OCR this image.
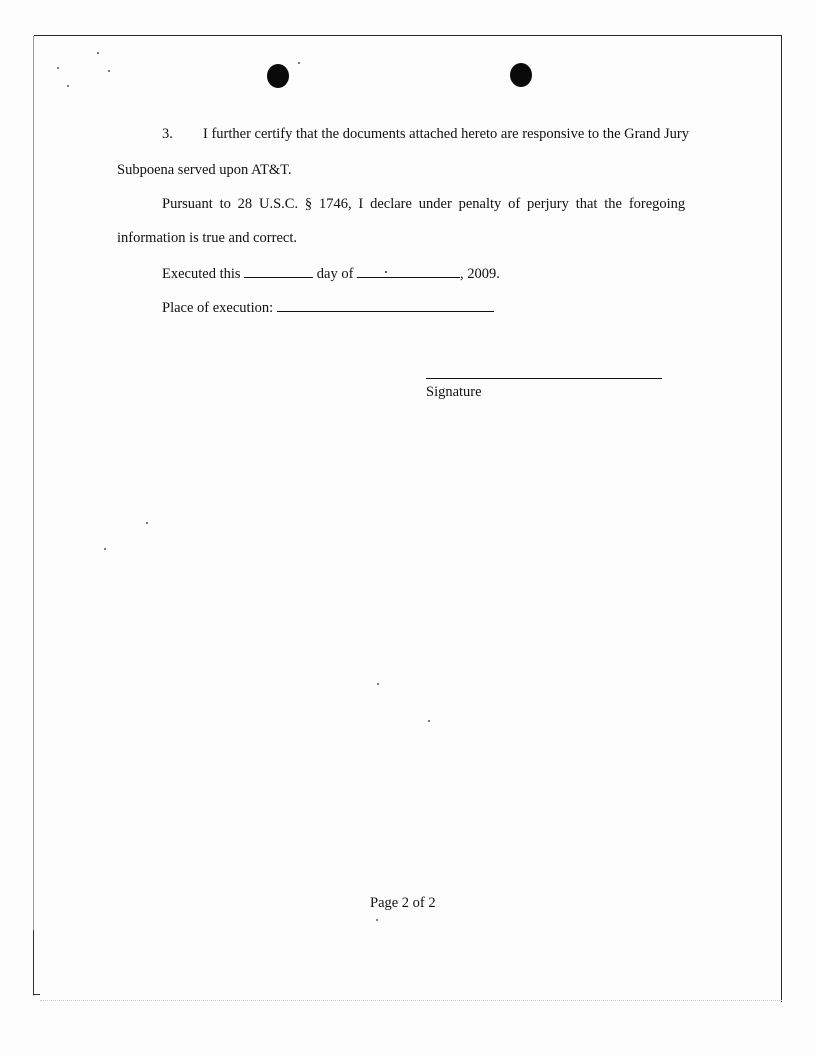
3. I further certify that the documents attached hereto are responsive to the Grand Jury
Subpoena served upon AT&T.
Pursuant to 28 U.S.C. § 1746, I declare under penalty of perjury that the foregoing
information is true and correct.
Executed this	day of	, 2009.
Place of execution:
Signature
Page 2 of 2
